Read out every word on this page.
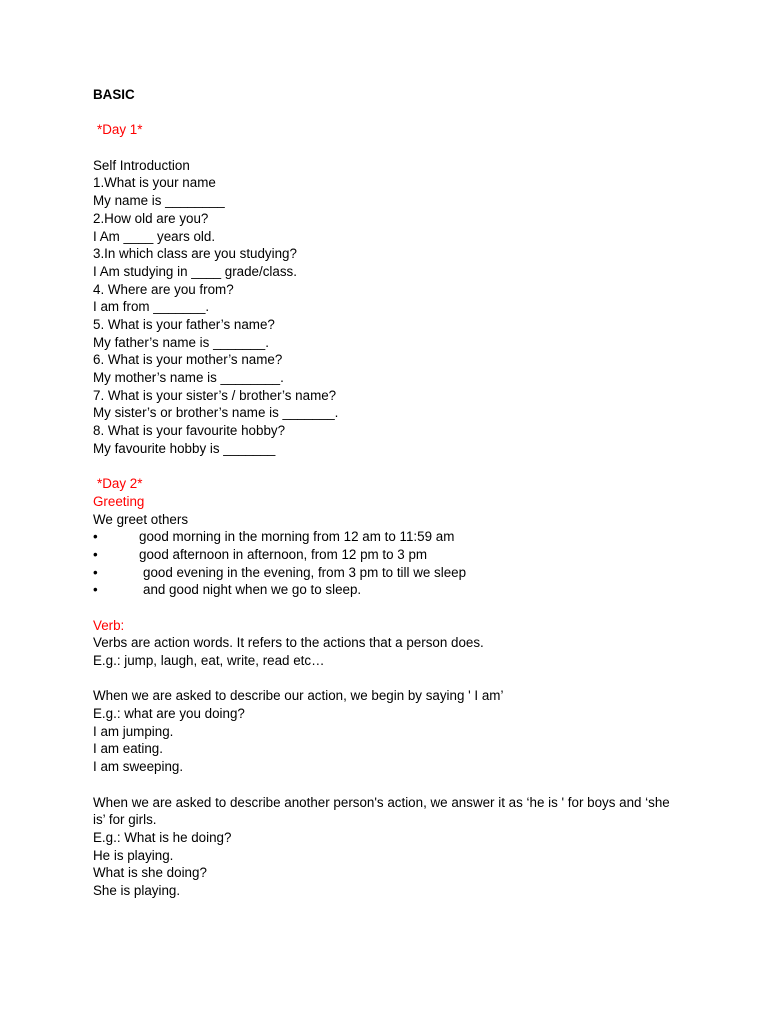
BASIC
*Day 1*
Self Introduction
1.What is your name
My name is ________
2.How old are you?
I Am ____ years old.
3.In which class are you studying?
I Am studying in ____ grade/class.
4. Where are you from?
I am from _______.
5. What is your father’s name?
My father’s name is _______.
6. What is your mother’s name?
My mother’s name is ________.
7. What is your sister’s / brother’s name?
My sister’s or brother’s name is _______.
8. What is your favourite hobby?
My favourite hobby is _______
*Day 2*
Greeting
We greet others

•

	good morning in the morning from 12 am to 11:59 am

•

	good afternoon in afternoon, from 12 pm to 3 pm

•

	good evening in the evening, from 3 pm to till we sleep

•

	and good night when we go to sleep.

Verb:
Verbs are action words. It refers to the actions that a person does.
E.g.: jump, laugh, eat, write, read etc…
When we are asked to describe our action, we begin by saying ' I am’
E.g.: what are you doing?
I am jumping.
I am eating.
I am sweeping.
When we are asked to describe another person's action, we answer it as ‘he is ' for boys and ‘she is’ for girls.
E.g.: What is he doing?
He is playing.
What is she doing?
She is playing.
